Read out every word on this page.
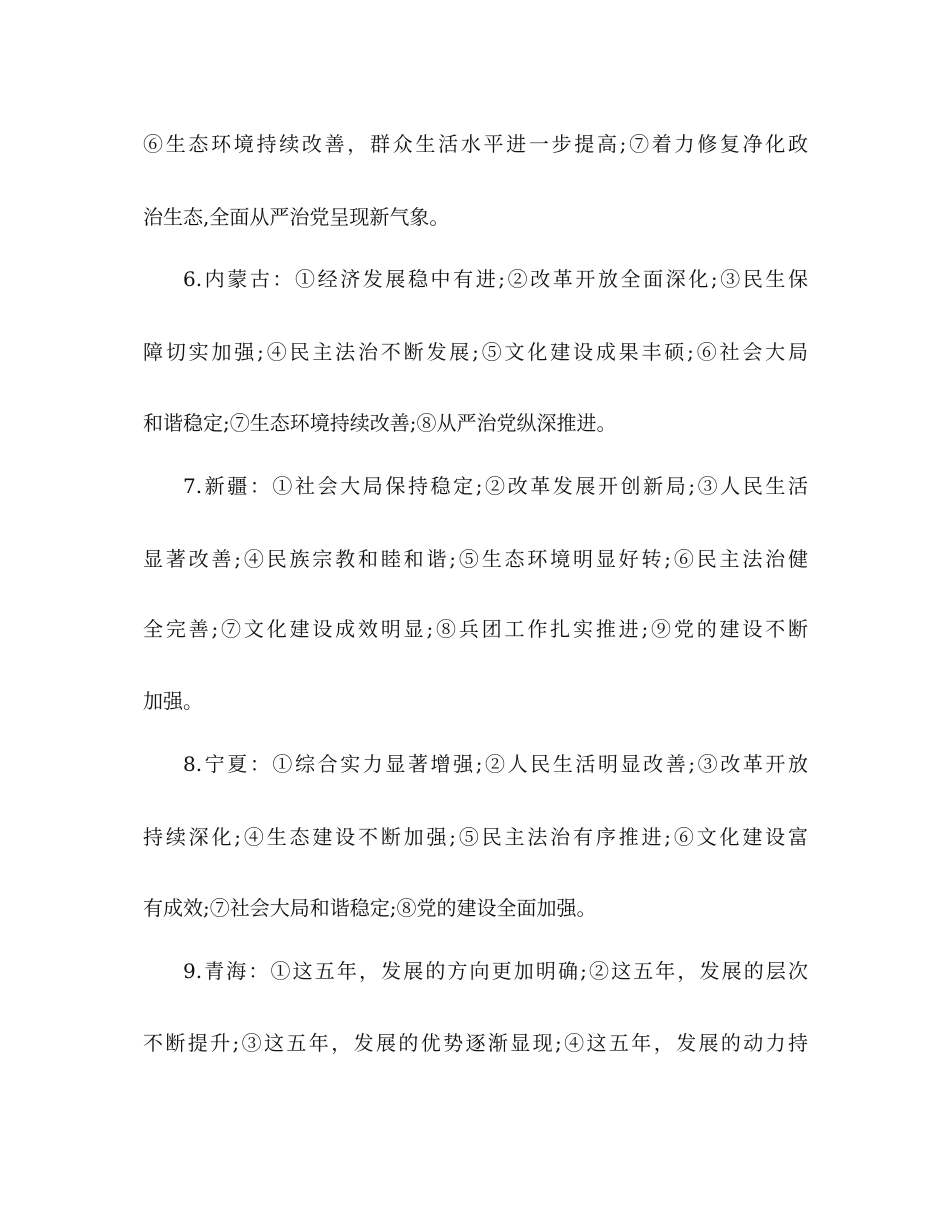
⑥生态环境持续改善，群众生活水平进一步提高;⑦着力修复净化政
治生态,全面从严治党呈现新气象。
6.内蒙古：①经济发展稳中有进;②改革开放全面深化;③民生保
障切实加强;④民主法治不断发展;⑤文化建设成果丰硕;⑥社会大局
和谐稳定;⑦生态环境持续改善;⑧从严治党纵深推进。
7.新疆：①社会大局保持稳定;②改革发展开创新局;③人民生活
显著改善;④民族宗教和睦和谐;⑤生态环境明显好转;⑥民主法治健
全完善;⑦文化建设成效明显;⑧兵团工作扎实推进;⑨党的建设不断
加强。
8.宁夏：①综合实力显著增强;②人民生活明显改善;③改革开放
持续深化;④生态建设不断加强;⑤民主法治有序推进;⑥文化建设富
有成效;⑦社会大局和谐稳定;⑧党的建设全面加强。
9.青海：①这五年，发展的方向更加明确;②这五年，发展的层次
不断提升;③这五年，发展的优势逐渐显现;④这五年，发展的动力持
